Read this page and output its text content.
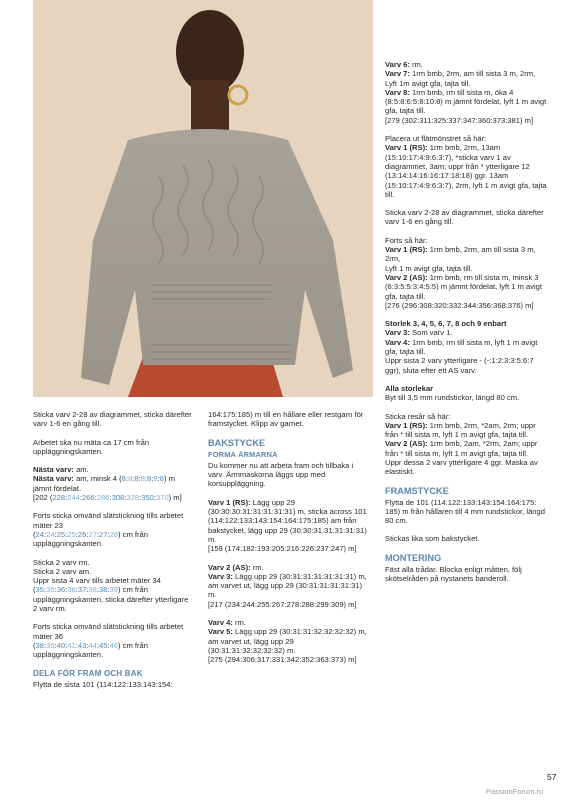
Sticka varv 2-28 av diagrammet, sticka därefter varv 1-6 en gång till.

Arbetet ska nu mäta ca 17 cm från uppläggningskanten.

Nästa varv: am.
Nästa varv: am, minsk 4 (8:8:8:8:8:8:8) m jämnt fördelat.
[202 (228:244:266:286:308:328:350:370) m]

Forts sticka omvänd slätstickning tills arbetet mäter 23
(24:24:25:25:26:27:27:28) cm från uppläggningskanten.

Sticka 2 varv rm.
Sticka 2 varv am.
Uppr sista 4 varv tills arbetet mäter 34 (35:35:36:36:37:38:38:39) cm från uppläggningskanten, sticka därefter ytterligare 2 varv rm.

Forts sticka omvänd slätstickning tills arbetet mäter 36
(38:39:40:41:43:44:45:46) cm från uppläggningskanten.

DELA FÖR FRAM OCH BAK

Flytta de sista 101 (114:122:133:143:154:

164:175:185) m till en hållare eller restgarn för framstycket. Klipp av garnet.

BAKSTYCKE
FORMA ÄRMARNA

Du kommer nu att arbeta fram och tillbaka i varv. Ärmmaskorna läggs upp med korsuppläggning.

Varv 1 (RS): Lägg upp 29 (30:30:30:31:31:31:31:31) m, sticka across 101 (114:122:133:143:154:164:175:185) am från bakstycket, lägg upp 29 (30:30:31:31:31:31:31) m.
[159 (174:182:193:205:216:226:237:247) m]

Varv 2 (AS): rm.
Varv 3: Lägg upp 29 (30:31:31:31:31:31:31) m, am varvet ut, lägg upp 29 (30:31:31:31:31:31) m.
[217 (234:244:255:267:278:288:299:309) m]

Varv 4: rm.
Varv 5: Lägg upp 29 (30:31:31:32:32:32:32) m, am varvet ut, lägg upp 29 (30:31:31:32:32:32:32) m.
[275 (294:306:317:331:342:352:363:373) m]

Varv 6: rm.
Varv 7: 1rm bmb, 2rm, am till sista 3 m, 2rm,
Lyft 1m avigt gfa, tajta till.
Varv 8: 1rm bmb, rm till sista m, öka 4 (8:5:8:6:5:8:10:8) m jämnt fördelat, lyft 1 m avigt gfa, tajta till.
[279 (302:311:325:337:347:360:373:381) m]

Placera ut flätmönstret så här:
Varv 1 (RS): 1rm bmb, 2rm, 13am (15:10:17:4:9:6:3:7), *sticka varv 1 av diagrammet, 3am; uppr från * ytterligare 12 (13:14:14:16:16:17:18:18) ggr. 13am (15:10:17:4:9:6:3:7), 2rm, lyft 1 m avigt gfa, tajta till.

Sticka varv 2-28 av diagrammet, sticka därefter varv 1-6 en gång till.

Forts så här:
Varv 1 (RS): 1rm bmb, 2rm, am till sista 3 m, 2rm,
Lyft 1 m avigt gfa, tajta till.
Varv 2 (AS): 1rm bmb, rm till sista m, minsk 3 (6:3:5:5:3:4:5:5) m jämnt fördelat, lyft 1 m avigt gfa, tajta till.
[276 (296:308:320:332:344:356:368:376) m]

Storlek 3, 4, 5, 6, 7, 8 och 9 enbart
Varv 3: Som varv 1.
Varv 4: 1rm bmb, rm till sista m, lyft 1 m avigt gfa, tajta till.
Uppr sista 2 varv ytterligare - (-:1:2:3:3:5:6:7 ggr), sluta efter ett AS varv.

Alla storlekar
Byt till 3,5 mm rundstickor, längd 80 cm.

Sticka resår så här:
Varv 1 (RS): 1rm bmb, 2rm, *2am, 2rm; uppr från * till sista m, lyft 1 m avigt gfa, tajta till.
Varv 2 (AS): 1rm bmb, 2am, *2rm, 2am; uppr från * till sista m, lyft 1 m avigt gfa, tajta till.
Uppr dessa 2 varv ytterligare 4 ggr. Maska av elastiskt.

FRAMSTYCKE

Flytta de 101 (114:122:133:143:154:164:175: 185) m från hållaren till 4 mm rundstickor, längd 80 cm.

Stickas lika som bakstycket.

MONTERING

Fäst alla trådar. Blocka enligt måtten, följ skötselråden på nystanets banderoll.

57
PassionForum.ru
